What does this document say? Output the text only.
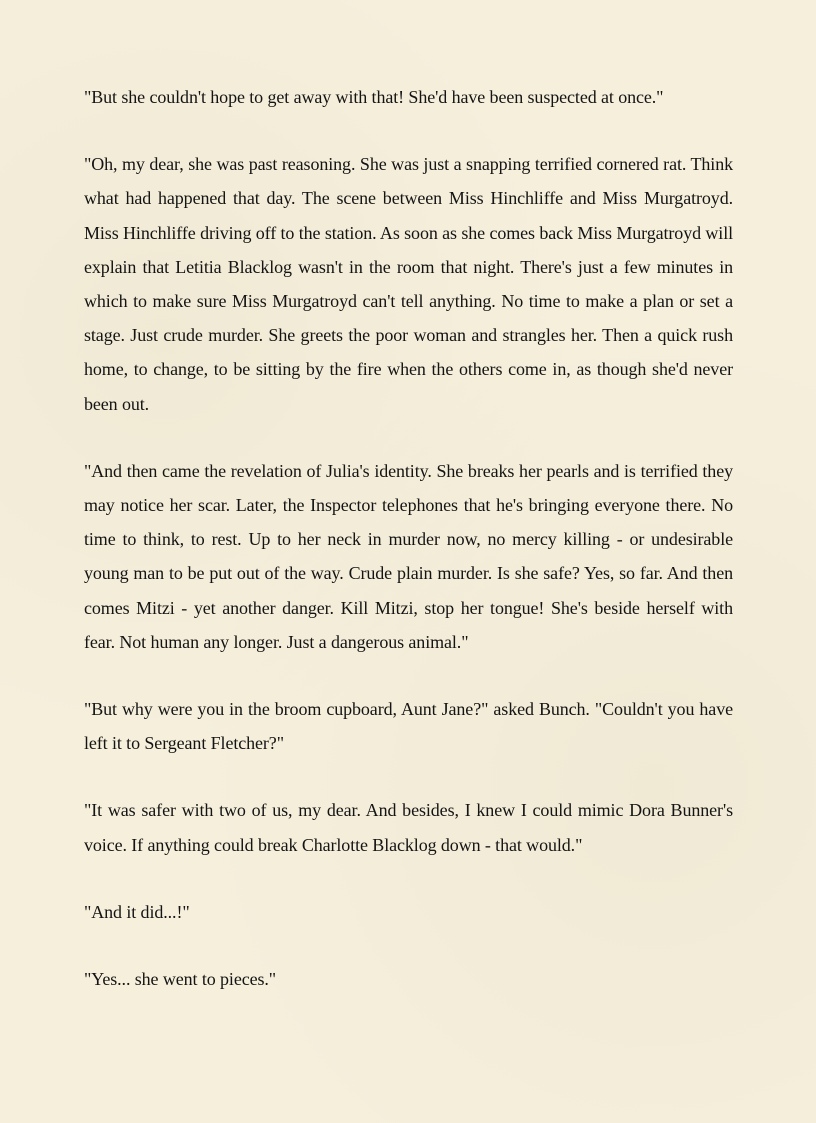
"But she couldn't hope to get away with that! She'd have been suspected at once."

"Oh, my dear, she was past reasoning. She was just a snapping terrified cornered rat. Think what had happened that day. The scene between Miss Hinchliffe and Miss Murgatroyd. Miss Hinchliffe driving off to the station. As soon as she comes back Miss Murgatroyd will explain that Letitia Blacklog wasn't in the room that night. There's just a few minutes in which to make sure Miss Murgatroyd can't tell anything. No time to make a plan or set a stage. Just crude murder. She greets the poor woman and strangles her. Then a quick rush home, to change, to be sitting by the fire when the others come in, as though she'd never been out.

"And then came the revelation of Julia's identity. She breaks her pearls and is terrified they may notice her scar. Later, the Inspector telephones that he's bringing everyone there. No time to think, to rest. Up to her neck in murder now, no mercy killing - or undesirable young man to be put out of the way. Crude plain murder. Is she safe? Yes, so far. And then comes Mitzi - yet another danger. Kill Mitzi, stop her tongue! She's beside herself with fear. Not human any longer. Just a dangerous animal."

"But why were you in the broom cupboard, Aunt Jane?" asked Bunch. "Couldn't you have left it to Sergeant Fletcher?"

"It was safer with two of us, my dear. And besides, I knew I could mimic Dora Bunner's voice. If anything could break Charlotte Blacklog down - that would."

"And it did...!"

"Yes... she went to pieces."
